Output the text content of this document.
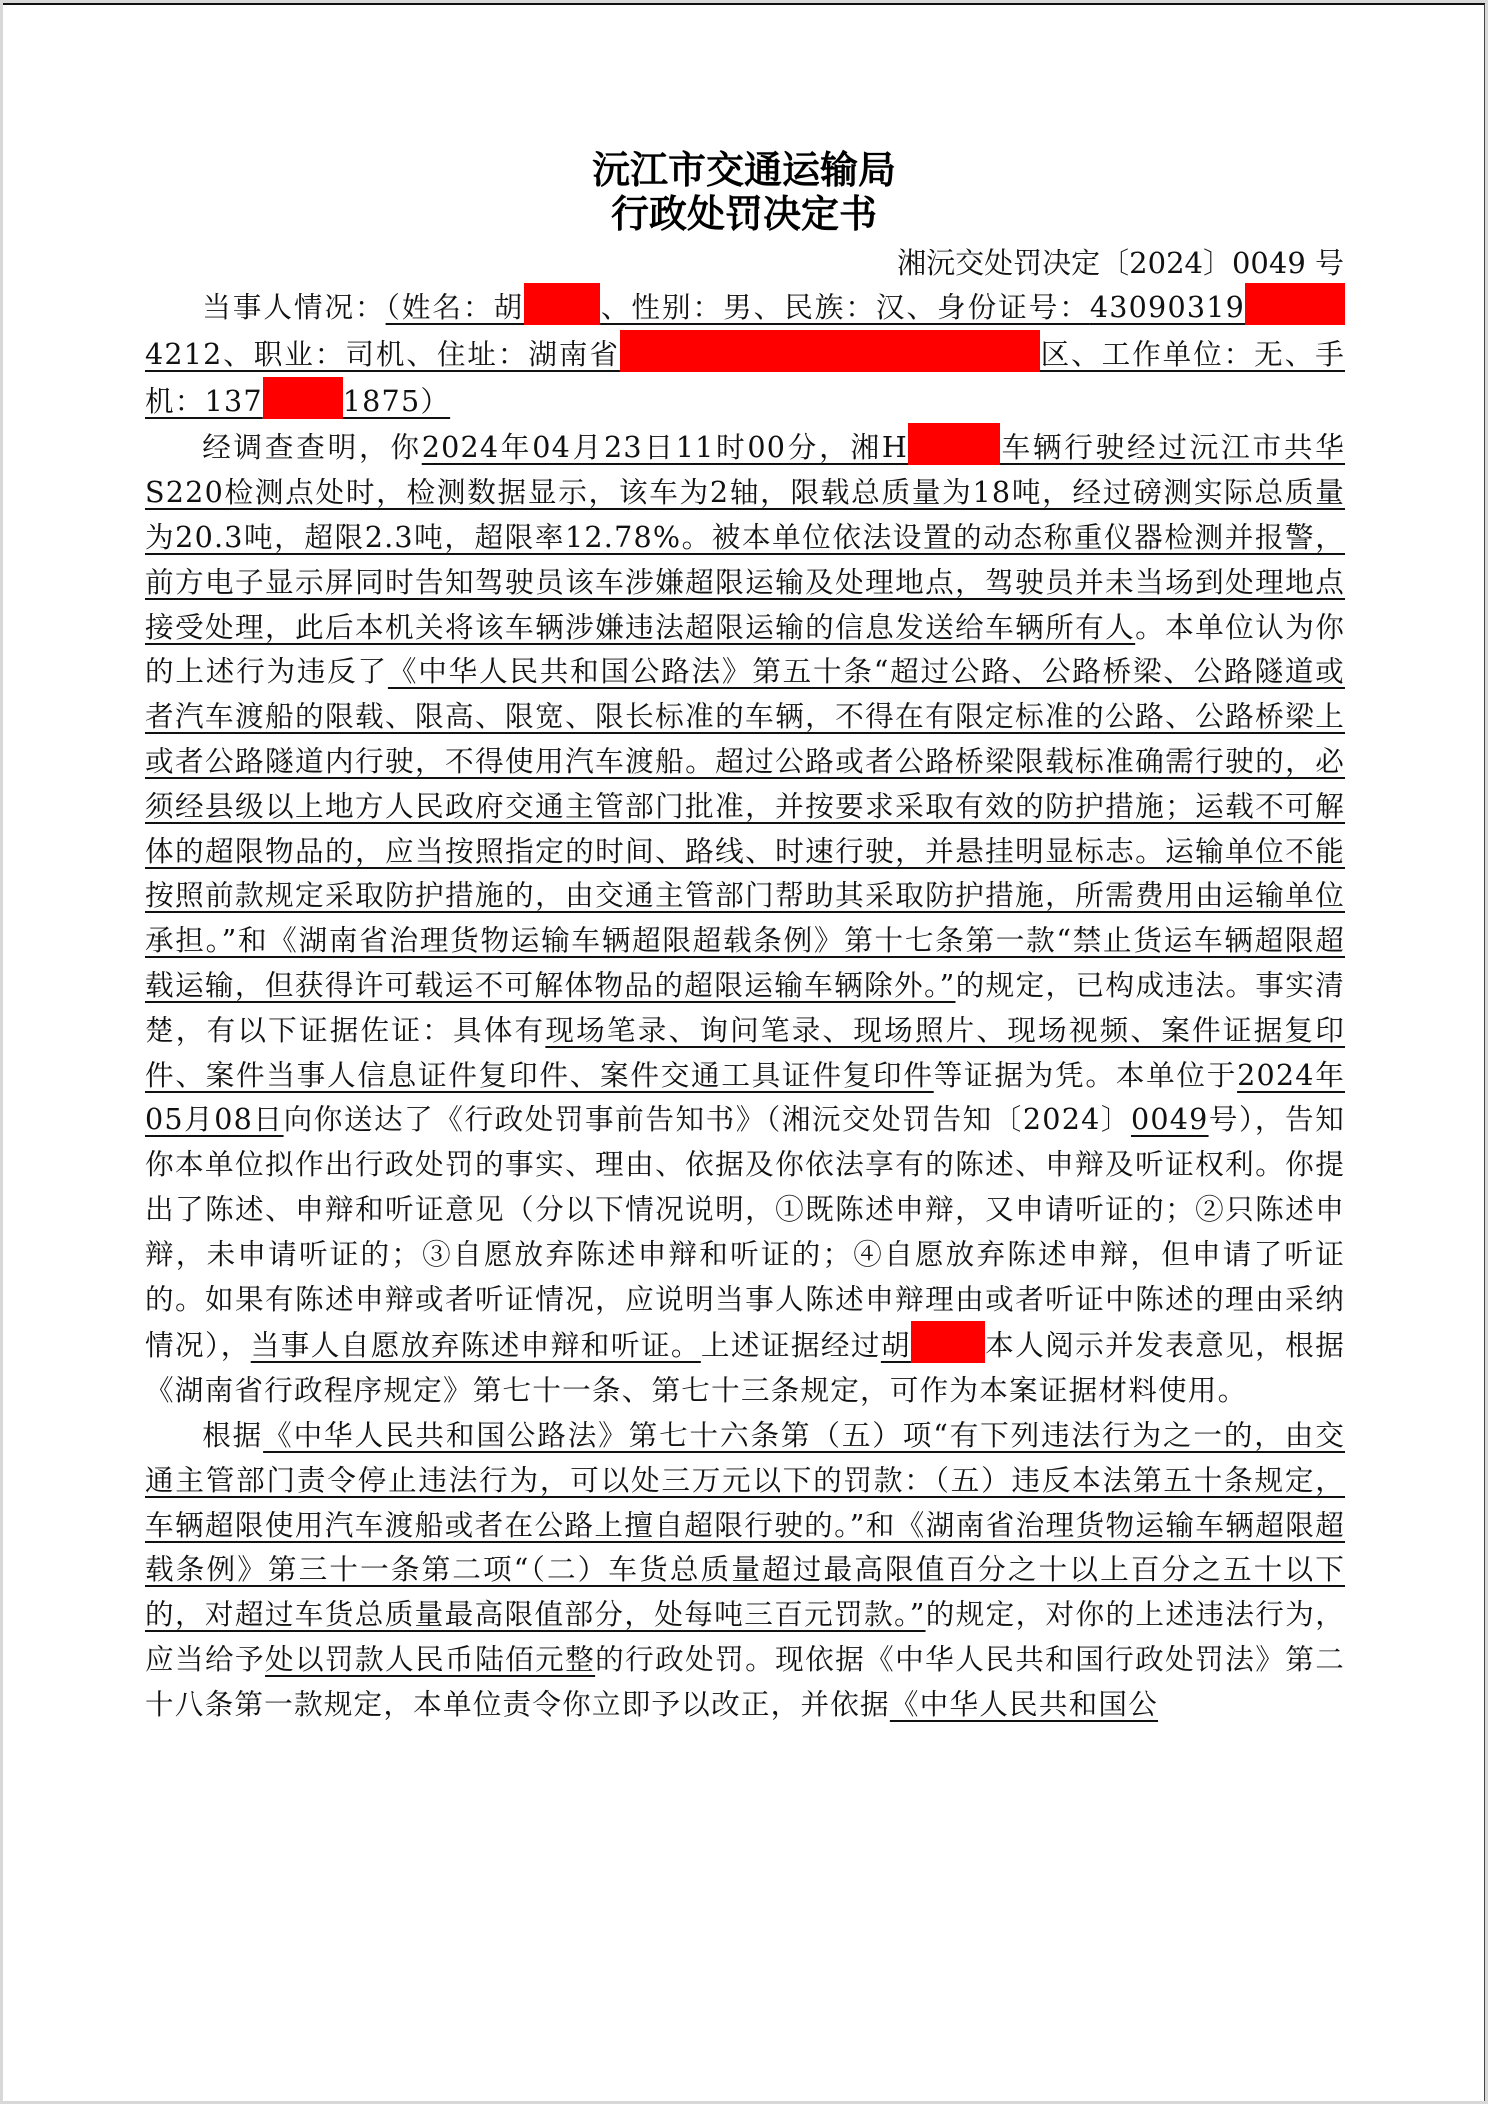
沅江市交通运输局
行政处罚决定书
湘沅交处罚决定〔2024〕0049 号

当事人情况：（姓名：胡	、性别：男、民族：汉、身份证号：430903194212、职业：司机、住址：湖南省	区、工作单位：无、手机：137	1875）

经调查查明，你2024年04月23日11时00分，湘H	车辆行驶经过沅江市共华S220检测点处时，检测数据显示，该车为2轴，限载总质量为18吨，经过磅测实际总质量为20.3吨，超限2.3吨，超限率12.78%。被本单位依法设置的动态称重仪器检测并报警，前方电子显示屏同时告知驾驶员该车涉嫌超限运输及处理地点，驾驶员并未当场到处理地点接受处理，此后本机关将该车辆涉嫌违法超限运输的信息发送给车辆所有人。本单位认为你的上述行为违反了《中华人民共和国公路法》第五十条“超过公路、公路桥梁、公路隧道或者汽车渡船的限载、限高、限宽、限长标准的车辆，不得在有限定标准的公路、公路桥梁上或者公路隧道内行驶，不得使用汽车渡船。超过公路或者公路桥梁限载标准确需行驶的，必须经县级以上地方人民政府交通主管部门批准，并按要求采取有效的防护措施；运载不可解体的超限物品的，应当按照指定的时间、路线、时速行驶，并悬挂明显标志。运输单位不能按照前款规定采取防护措施的，由交通主管部门帮助其采取防护措施，所需费用由运输单位承担。”和《湖南省治理货物运输车辆超限超载条例》第十七条第一款“禁止货运车辆超限超载运输，但获得许可载运不可解体物品的超限运输车辆除外。”的规定，已构成违法。事实清楚，有以下证据佐证：具体有现场笔录、询问笔录、现场照片、现场视频、案件证据复印件、案件当事人信息证件复印件、案件交通工具证件复印件等证据为凭。本单位于2024年05月08日向你送达了《行政处罚事前告知书》（湘沅交处罚告知〔2024〕0049号），告知你本单位拟作出行政处罚的事实、理由、依据及你依法享有的陈述、申辩及听证权利。你提出了陈述、申辩和听证意见（分以下情况说明，①既陈述申辩，又申请听证的；②只陈述申辩，未申请听证的；③自愿放弃陈述申辩和听证的；④自愿放弃陈述申辩，但申请了听证的。如果有陈述申辩或者听证情况，应说明当事人陈述申辩理由或者听证中陈述的理由采纳情况），当事人自愿放弃陈述申辩和听证。上述证据经过胡	本人阅示并发表意见，根据《湖南省行政程序规定》第七十一条、第七十三条规定，可作为本案证据材料使用。

根据《中华人民共和国公路法》第七十六条第（五）项“有下列违法行为之一的，由交通主管部门责令停止违法行为，可以处三万元以下的罚款：（五）违反本法第五十条规定，车辆超限使用汽车渡船或者在公路上擅自超限行驶的。”和《湖南省治理货物运输车辆超限超载条例》第三十一条第二项“（二）车货总质量超过最高限值百分之十以上百分之五十以下的，对超过车货总质量最高限值部分，处每吨三百元罚款。”的规定，对你的上述违法行为，应当给予处以罚款人民币陆佰元整的行政处罚。现依据《中华人民共和国行政处罚法》第二十八条第一款规定，本单位责令你立即予以改正，并依据《中华人民共和国公
